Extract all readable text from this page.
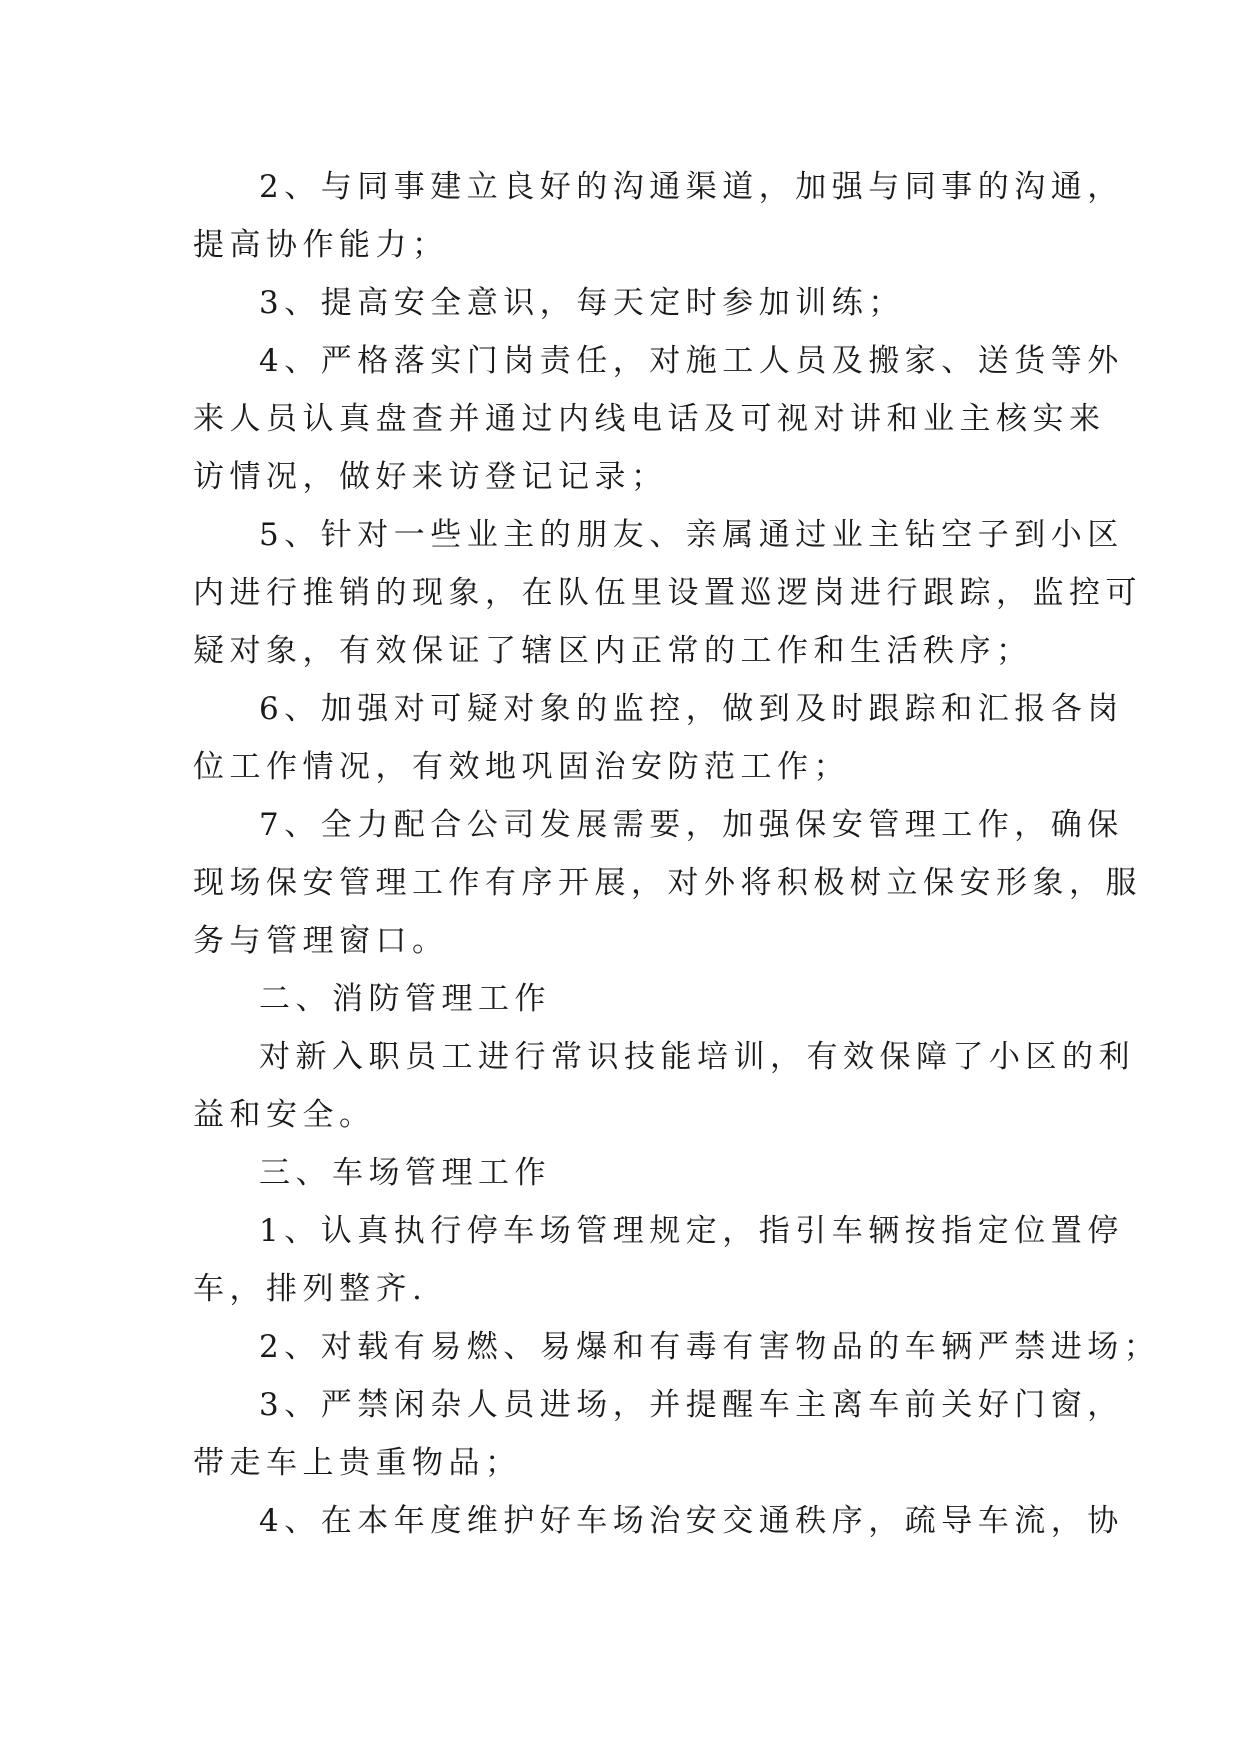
2、与同事建立良好的沟通渠道，加强与同事的沟通，
提高协作能力；

3、提高安全意识，每天定时参加训练；

4、严格落实门岗责任，对施工人员及搬家、送货等外
来人员认真盘查并通过内线电话及可视对讲和业主核实来
访情况，做好来访登记记录；

5、针对一些业主的朋友、亲属通过业主钻空子到小区
内进行推销的现象，在队伍里设置巡逻岗进行跟踪，监控可
疑对象，有效保证了辖区内正常的工作和生活秩序；

6、加强对可疑对象的监控，做到及时跟踪和汇报各岗
位工作情况，有效地巩固治安防范工作；

7、全力配合公司发展需要，加强保安管理工作，确保
现场保安管理工作有序开展，对外将积极树立保安形象，服
务与管理窗口。

二、消防管理工作

对新入职员工进行常识技能培训，有效保障了小区的利
益和安全。

三、车场管理工作

1、认真执行停车场管理规定，指引车辆按指定位置停
车，排列整齐.

2、对载有易燃、易爆和有毒有害物品的车辆严禁进场；

3、严禁闲杂人员进场，并提醒车主离车前关好门窗，
带走车上贵重物品；

4、在本年度维护好车场治安交通秩序，疏导车流，协
